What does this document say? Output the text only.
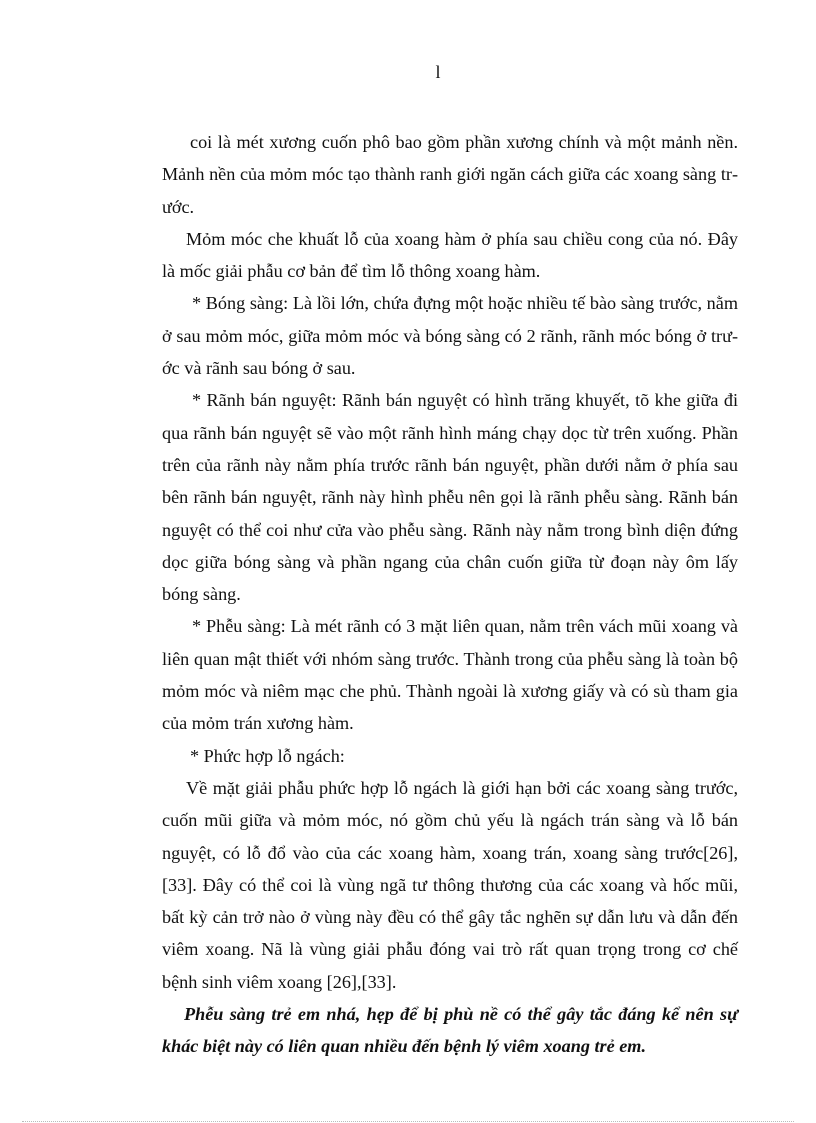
l

coi là mét xương cuốn phô bao gồm phần xương chính và một mảnh nền. Mảnh nền của mỏm móc tạo thành ranh giới ngăn cách giữa các xoang sàng trước.

Mỏm móc che khuất lỗ của xoang hàm ở phía sau chiều cong của nó. Đây là mốc giải phẫu cơ bản để tìm lỗ thông xoang hàm.

* Bóng sàng: Là lồi lớn, chứa đựng một hoặc nhiều tế bào sàng trước, nằm ở sau mỏm móc, giữa mỏm móc và bóng sàng có 2 rãnh, rãnh móc bóng ở trước và rãnh sau bóng ở sau.

* Rãnh bán nguyệt: Rãnh bán nguyệt có hình trăng khuyết, tõ khe giữa đi qua rãnh bán nguyệt sẽ vào một rãnh hình máng chạy dọc từ trên xuống. Phần trên của rãnh này nằm phía trước rãnh bán nguyệt, phần dưới nằm ở phía sau bên rãnh bán nguyệt, rãnh này hình phễu nên gọi là rãnh phễu sàng. Rãnh bán nguyệt có thể coi như cửa vào phễu sàng. Rãnh này nằm trong bình diện đứng dọc giữa bóng sàng và phần ngang của chân cuốn giữa từ đoạn này ôm lấy bóng sàng.

* Phễu sàng: Là mét rãnh có 3 mặt liên quan, nằm trên vách mũi xoang và liên quan mật thiết với nhóm sàng trước. Thành trong của phễu sàng là toàn bộ mỏm móc và niêm mạc che phủ. Thành ngoài là xương giấy và có sù tham gia của mỏm trán xương hàm.

* Phức hợp lỗ ngách:

Về mặt giải phẫu phức hợp lỗ ngách là giới hạn bởi các xoang sàng trước, cuốn mũi giữa và mỏm móc, nó gồm chủ yếu là ngách trán sàng và lỗ bán nguyệt, có lỗ đổ vào của các xoang hàm, xoang trán, xoang sàng trước[26],[33]. Đây có thể coi là vùng ngã tư thông thương của các xoang và hốc mũi, bất kỳ cản trở nào ở vùng này đều có thể gây tắc nghẽn sự dẫn lưu và dẫn đến viêm xoang. Nã là vùng giải phẫu đóng vai trò rất quan trọng trong cơ chế bệnh sinh viêm xoang [26],[33].

Phễu sàng trẻ em nhá, hẹp để bị phù nề có thể gây tắc đáng kể nên sự khác biệt này có liên quan nhiều đến bệnh lý viêm xoang trẻ em.
